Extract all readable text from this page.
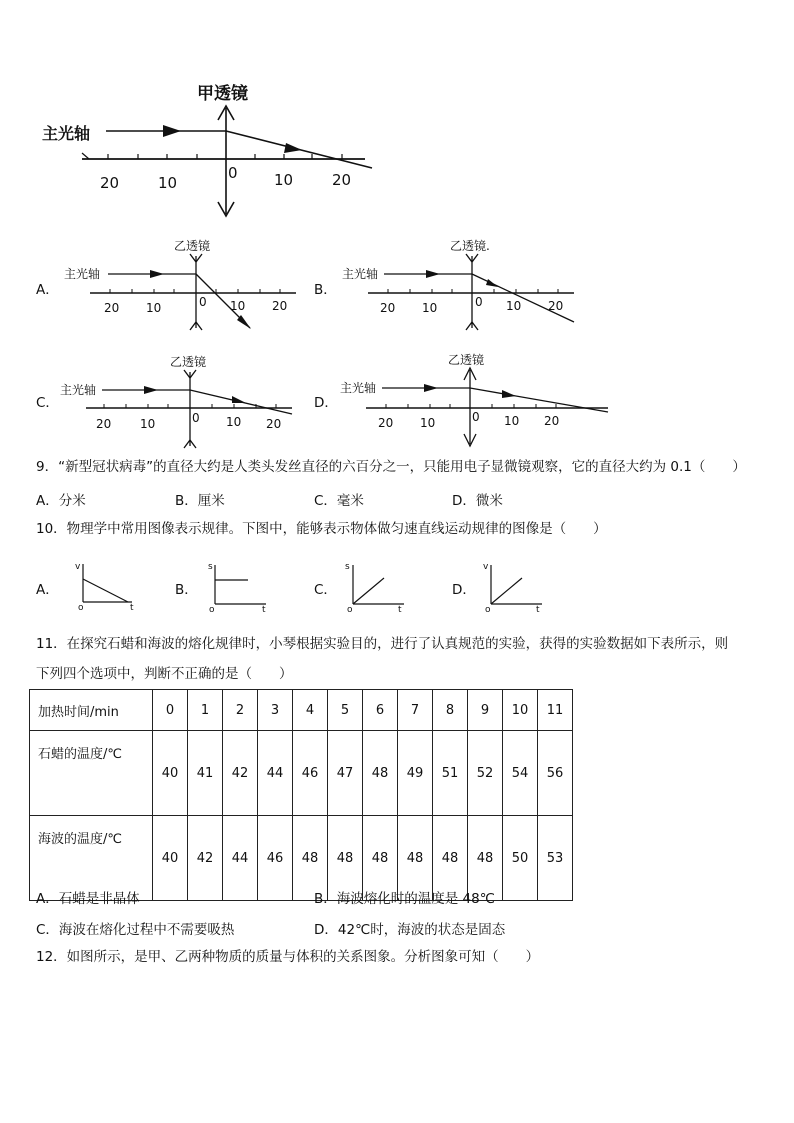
甲透镜
主光轴
20	10
0 10	20
A．
乙透镜
主光轴
20 10	0 10 20
B．
乙透镜.
主光轴
20 10	0 10 20
C．
乙透镜
主光轴
20 10	0 10 20
D．
乙透镜
主光轴
20 10	0 10 20
9．“新型冠状病毒”的直径大约是人类头发丝直径的六百分之一，只能用电子显微镜观察，它的直径大约为 0.1（　　）
A．分米	B．厘米	C．毫米	D．微米
10．物理学中常用图像表示规律。下图中，能够表示物体做匀速直线运动规律的图像是（　　）
A．
v
t
o
B．
s
t
o
C．
s
t
o
D．
v
t
o
11．在探究石蜡和海波的熔化规律时，小琴根据实验目的，进行了认真规范的实验，获得的实验数据如下表所示，则
下列四个选项中，判断不正确的是（　　）
加热时间/min	0	1	2	3	4	5	6	7	8	9	10	11
石蜡的温度/℃	40	41	42	44	46	47	48	49	51	52	54	56
海波的温度/℃	40	42	44	46	48	48	48	48	48	48	50	53
A．石蜡是非晶体	B．海波熔化时的温度是 48℃
C．海波在熔化过程中不需要吸热	D．42℃时，海波的状态是固态
12．如图所示，是甲、乙两种物质的质量与体积的关系图象。分析图象可知（　　）
